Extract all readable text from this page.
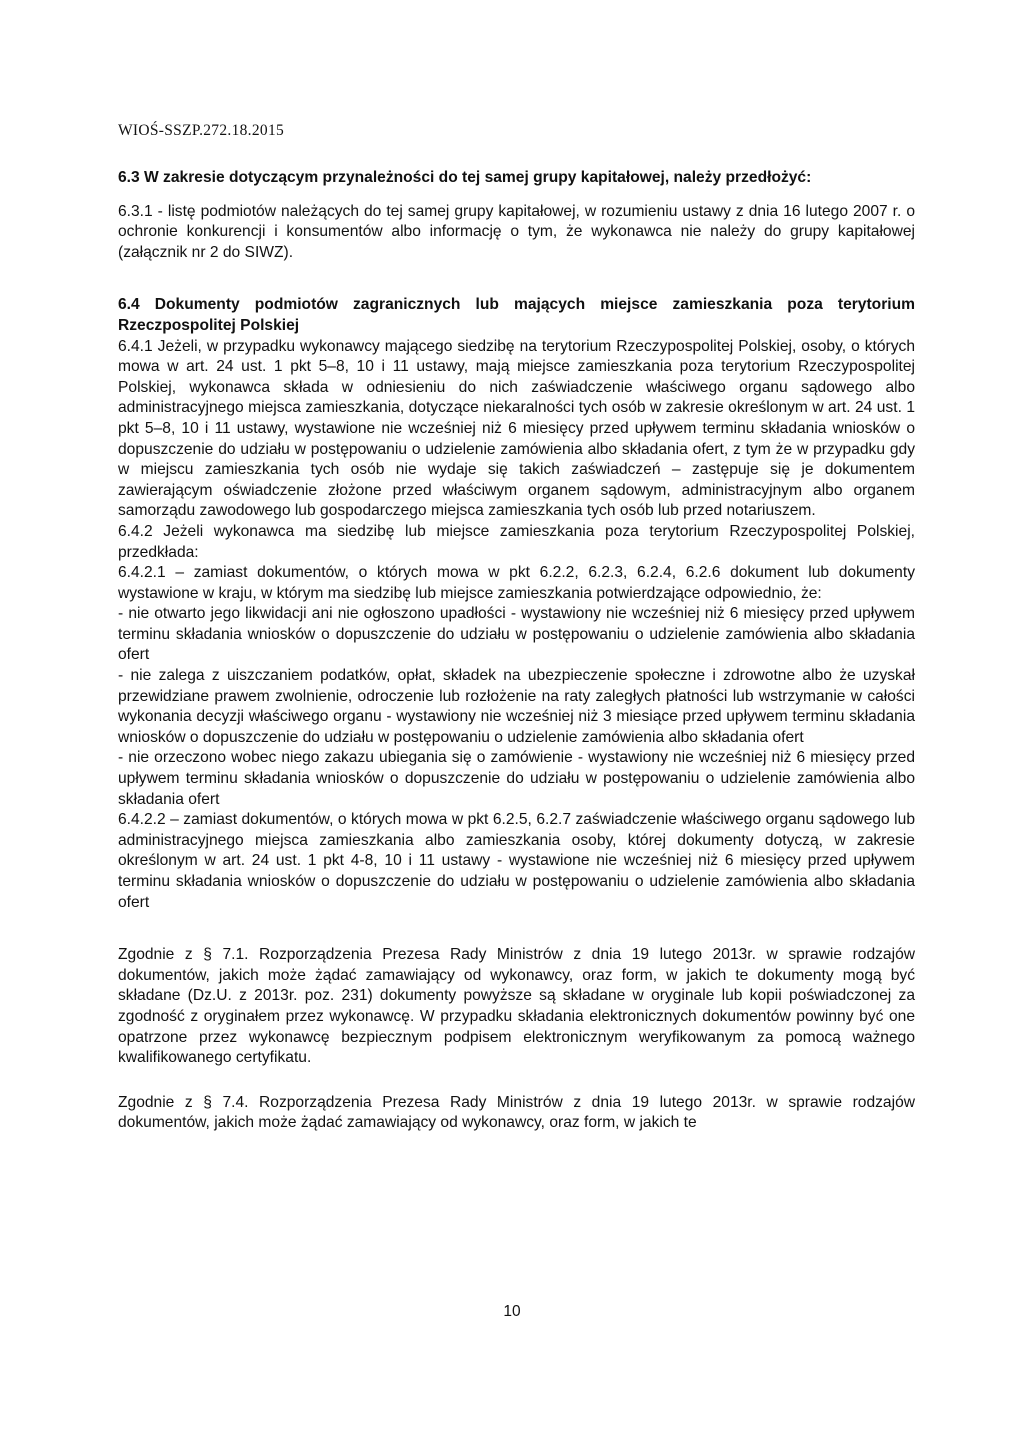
WIOŚ-SSZP.272.18.2015

6.3 W zakresie dotyczącym przynależności do tej samej grupy kapitałowej, należy przedłożyć:

6.3.1 - listę podmiotów należących do tej samej grupy kapitałowej, w rozumieniu ustawy z dnia 16 lutego 2007 r. o ochronie konkurencji i konsumentów albo informację o tym, że wykonawca nie należy do grupy kapitałowej (załącznik nr 2 do SIWZ).

6.4 Dokumenty podmiotów zagranicznych lub mających miejsce zamieszkania poza terytorium Rzeczpospolitej Polskiej

6.4.1 Jeżeli, w przypadku wykonawcy mającego siedzibę na terytorium Rzeczypospolitej Polskiej, osoby, o których mowa w art. 24 ust. 1 pkt 5–8, 10 i 11 ustawy, mają miejsce zamieszkania poza terytorium Rzeczypospolitej Polskiej, wykonawca składa w odniesieniu do nich zaświadczenie właściwego organu sądowego albo administracyjnego miejsca zamieszkania, dotyczące niekaralności tych osób w zakresie określonym w art. 24 ust. 1 pkt 5–8, 10 i 11 ustawy, wystawione nie wcześniej niż 6 miesięcy przed upływem terminu składania wniosków o dopuszczenie do udziału w postępowaniu o udzielenie zamówienia albo składania ofert, z tym że w przypadku gdy w miejscu zamieszkania tych osób nie wydaje się takich zaświadczeń – zastępuje się je dokumentem zawierającym oświadczenie złożone przed właściwym organem sądowym, administracyjnym albo organem samorządu zawodowego lub gospodarczego miejsca zamieszkania tych osób lub przed notariuszem.

6.4.2 Jeżeli wykonawca ma siedzibę lub miejsce zamieszkania poza terytorium Rzeczypospolitej Polskiej, przedkłada:

6.4.2.1 – zamiast dokumentów, o których mowa w pkt 6.2.2, 6.2.3, 6.2.4, 6.2.6 dokument lub dokumenty wystawione w kraju, w którym ma siedzibę lub miejsce zamieszkania potwierdzające odpowiednio, że:

- nie otwarto jego likwidacji ani nie ogłoszono upadłości - wystawiony nie wcześniej niż 6 miesięcy przed upływem terminu składania wniosków o dopuszczenie do udziału w postępowaniu o udzielenie zamówienia albo składania ofert

- nie zalega z uiszczaniem podatków, opłat, składek na ubezpieczenie społeczne i zdrowotne albo że uzyskał przewidziane prawem zwolnienie, odroczenie lub rozłożenie na raty zaległych płatności lub wstrzymanie w całości wykonania decyzji właściwego organu - wystawiony nie wcześniej niż 3 miesiące przed upływem terminu składania wniosków o dopuszczenie do udziału w postępowaniu o udzielenie zamówienia albo składania ofert

- nie orzeczono wobec niego zakazu ubiegania się o zamówienie - wystawiony nie wcześniej niż 6 miesięcy przed upływem terminu składania wniosków o dopuszczenie do udziału w postępowaniu o udzielenie zamówienia albo składania ofert

6.4.2.2 – zamiast dokumentów, o których mowa w pkt 6.2.5, 6.2.7 zaświadczenie właściwego organu sądowego lub administracyjnego miejsca zamieszkania albo zamieszkania osoby, której dokumenty dotyczą, w zakresie określonym w art. 24 ust. 1 pkt 4-8, 10 i 11 ustawy - wystawione nie wcześniej niż 6 miesięcy przed upływem terminu składania wniosków o dopuszczenie do udziału w postępowaniu o udzielenie zamówienia albo składania ofert

Zgodnie z § 7.1. Rozporządzenia Prezesa Rady Ministrów z dnia 19 lutego 2013r. w sprawie rodzajów dokumentów, jakich może żądać zamawiający od wykonawcy, oraz form, w jakich te dokumenty mogą być składane (Dz.U. z 2013r. poz. 231) dokumenty powyższe są składane w oryginale lub kopii poświadczonej za zgodność z oryginałem przez wykonawcę. W przypadku składania elektronicznych dokumentów powinny być one opatrzone przez wykonawcę bezpiecznym podpisem elektronicznym weryfikowanym za pomocą ważnego kwalifikowanego certyfikatu.

Zgodnie z § 7.4. Rozporządzenia Prezesa Rady Ministrów z dnia 19 lutego 2013r. w sprawie rodzajów dokumentów, jakich może żądać zamawiający od wykonawcy, oraz form, w jakich te

10
